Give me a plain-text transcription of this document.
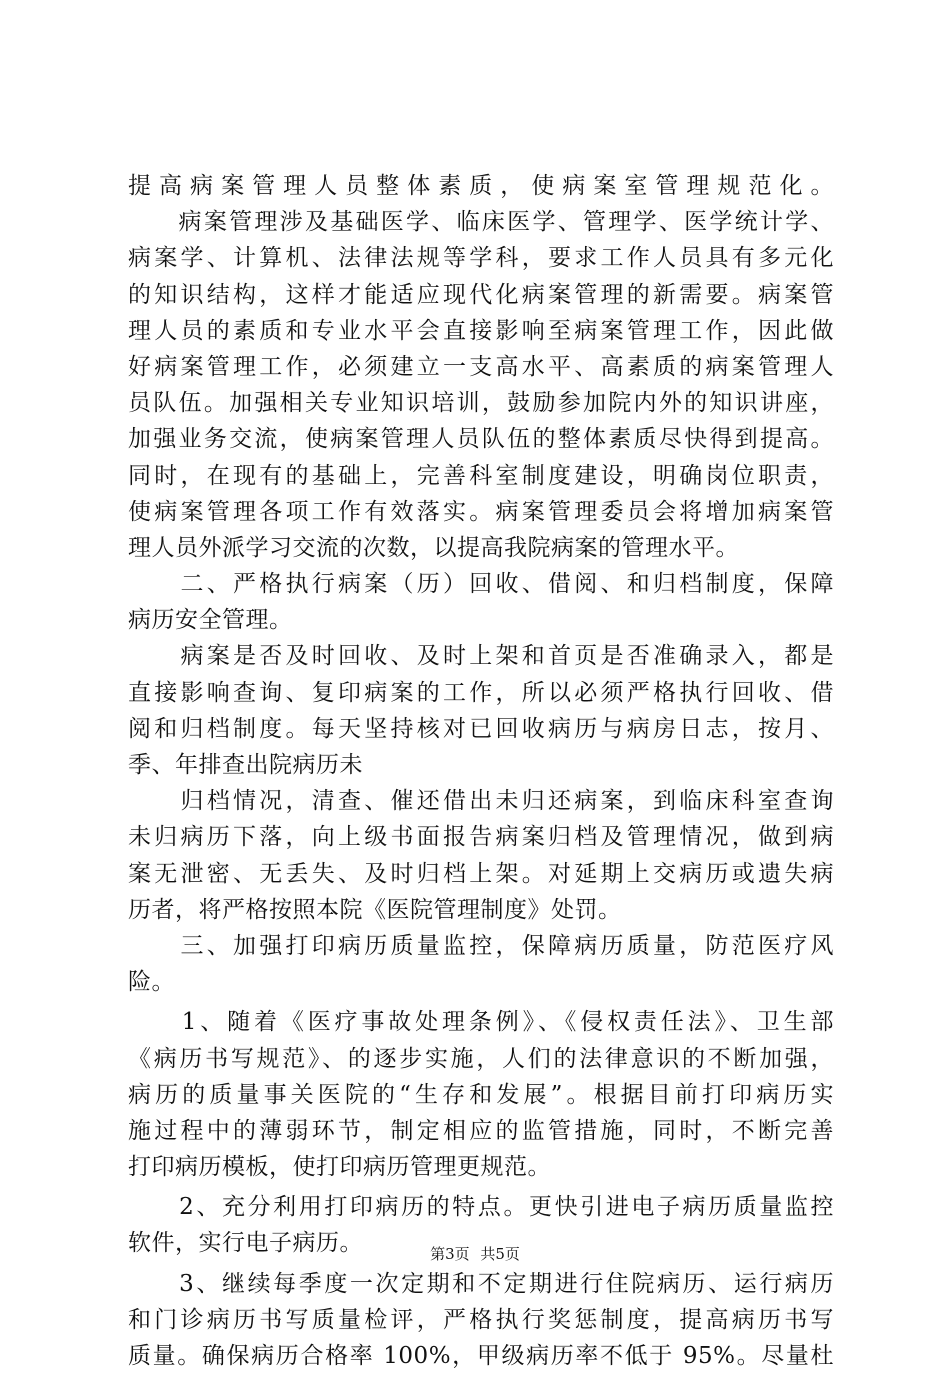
提高病案管理人员整体素质，使病案室管理规范化。
　　病案管理涉及基础医学、临床医学、管理学、医学统计学、
病案学、计算机、法律法规等学科，要求工作人员具有多元化
的知识结构，这样才能适应现代化病案管理的新需要。病案管
理人员的素质和专业水平会直接影响至病案管理工作，因此做
好病案管理工作，必须建立一支高水平、高素质的病案管理人
员队伍。加强相关专业知识培训，鼓励参加院内外的知识讲座，
加强业务交流，使病案管理人员队伍的整体素质尽快得到提高。
同时，在现有的基础上，完善科室制度建设，明确岗位职责，
使病案管理各项工作有效落实。病案管理委员会将增加病案管
理人员外派学习交流的次数，以提高我院病案的管理水平。
　　二、严格执行病案（历）回收、借阅、和归档制度，保障
病历安全管理。
　　病案是否及时回收、及时上架和首页是否准确录入，都是
直接影响查询、复印病案的工作，所以必须严格执行回收、借
阅和归档制度。每天坚持核对已回收病历与病房日志，按月、
季、年排查出院病历未
　　归档情况，清查、催还借出未归还病案，到临床科室查询
未归病历下落，向上级书面报告病案归档及管理情况，做到病
案无泄密、无丢失、及时归档上架。对延期上交病历或遗失病
历者，将严格按照本院《医院管理制度》处罚。
　　三、加强打印病历质量监控，保障病历质量，防范医疗风
险。
　　1、随着《医疗事故处理条例》、《侵权责任法》、卫生部
《病历书写规范》、的逐步实施，人们的法律意识的不断加强，
病历的质量事关医院的“生存和发展”。根据目前打印病历实
施过程中的薄弱环节，制定相应的监管措施，同时，不断完善
打印病历模板，使打印病历管理更规范。
　　2、充分利用打印病历的特点。更快引进电子病历质量监控
软件，实行电子病历。
　　3、继续每季度一次定期和不定期进行住院病历、运行病历
和门诊病历书写质量检评，严格执行奖惩制度，提高病历书写
质量。确保病历合格率 100%，甲级病历率不低于 95%。尽量杜
第3页 共5页
